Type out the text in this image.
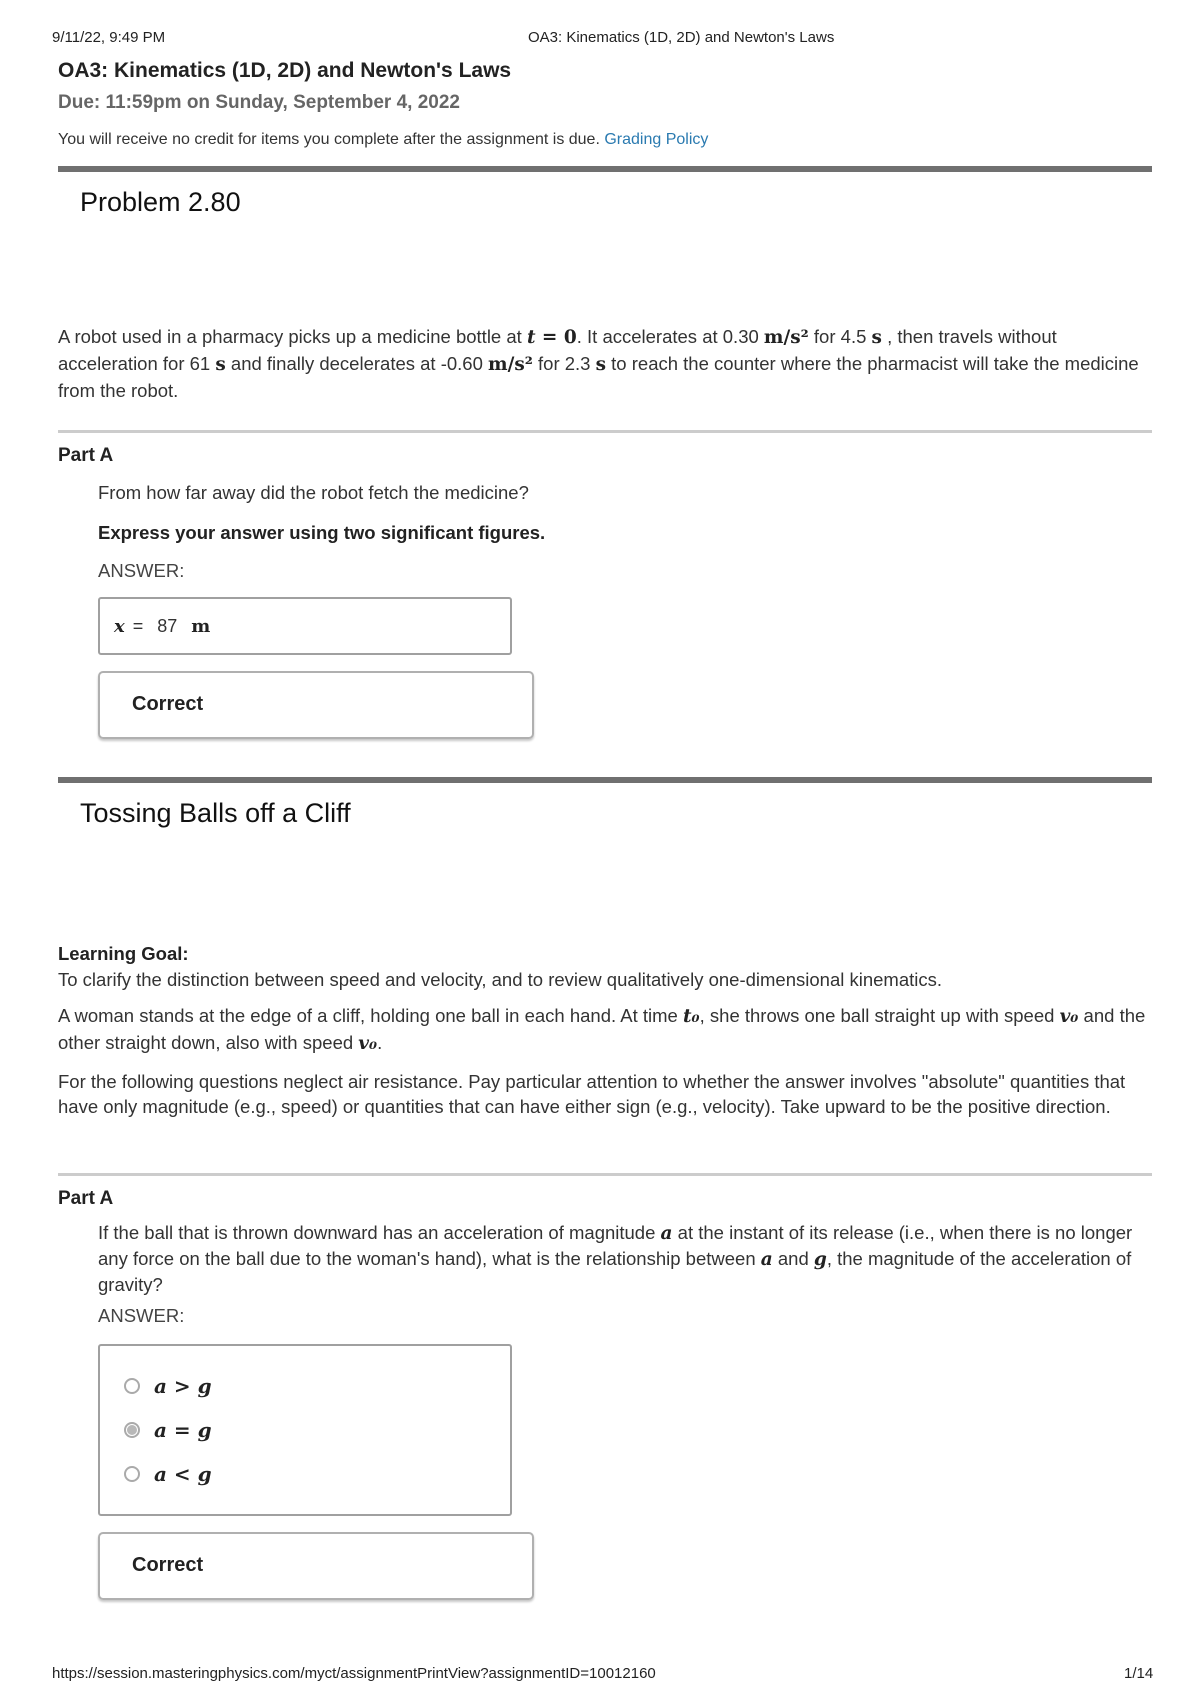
9/11/22, 9:49 PM	OA3: Kinematics (1D, 2D) and Newton's Laws
OA3: Kinematics (1D, 2D) and Newton's Laws
Due: 11:59pm on Sunday, September 4, 2022
You will receive no credit for items you complete after the assignment is due. Grading Policy
Problem 2.80
A robot used in a pharmacy picks up a medicine bottle at t = 0. It accelerates at 0.30 m/s² for 4.5 s , then travels without acceleration for 61 s and finally decelerates at -0.60 m/s² for 2.3 s to reach the counter where the pharmacist will take the medicine from the robot.
Part A
From how far away did the robot fetch the medicine?
Express your answer using two significant figures.
ANSWER:
x = 87 m
Correct
Tossing Balls off a Cliff
Learning Goal:
To clarify the distinction between speed and velocity, and to review qualitatively one-dimensional kinematics.
A woman stands at the edge of a cliff, holding one ball in each hand. At time t₀, she throws one ball straight up with speed v₀ and the other straight down, also with speed v₀.
For the following questions neglect air resistance. Pay particular attention to whether the answer involves "absolute" quantities that have only magnitude (e.g., speed) or quantities that can have either sign (e.g., velocity). Take upward to be the positive direction.
Part A
If the ball that is thrown downward has an acceleration of magnitude a at the instant of its release (i.e., when there is no longer any force on the ball due to the woman's hand), what is the relationship between a and g, the magnitude of the acceleration of gravity?
ANSWER:
a > g
a = g
a < g
Correct
https://session.masteringphysics.com/myct/assignmentPrintView?assignmentID=10012160	1/14
